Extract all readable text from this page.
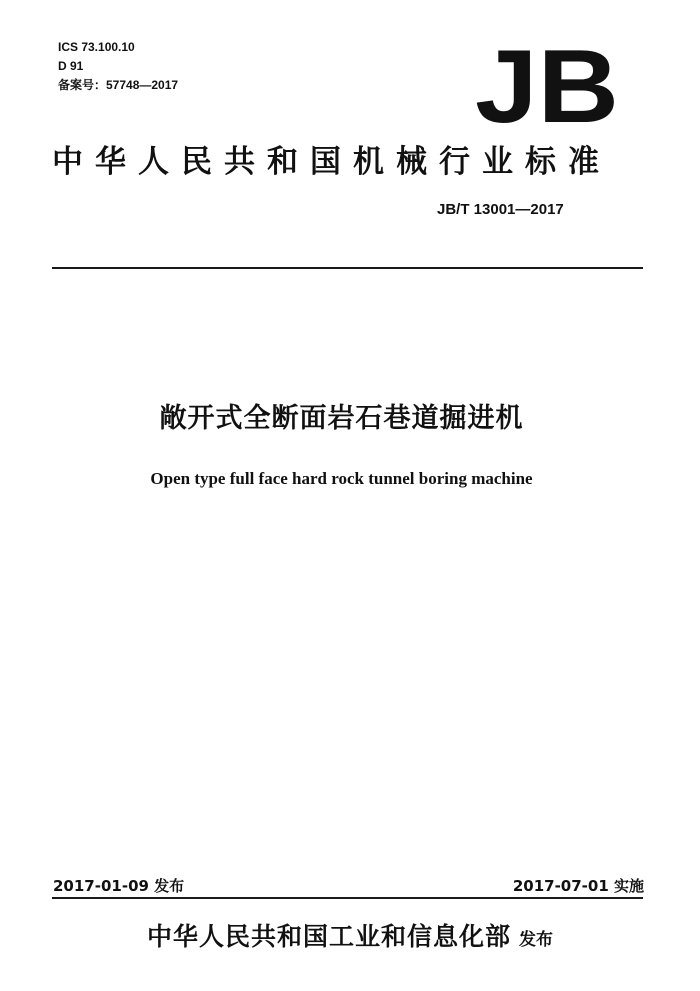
ICS 73.100.10
D 91
备案号：57748—2017	JB
中华人民共和国机械行业标准
JB/T 13001—2017
敞开式全断面岩石巷道掘进机
Open type full face hard rock tunnel boring machine
2017-01-09 发布	2017-07-01 实施
中华人民共和国工业和信息化部 发布
